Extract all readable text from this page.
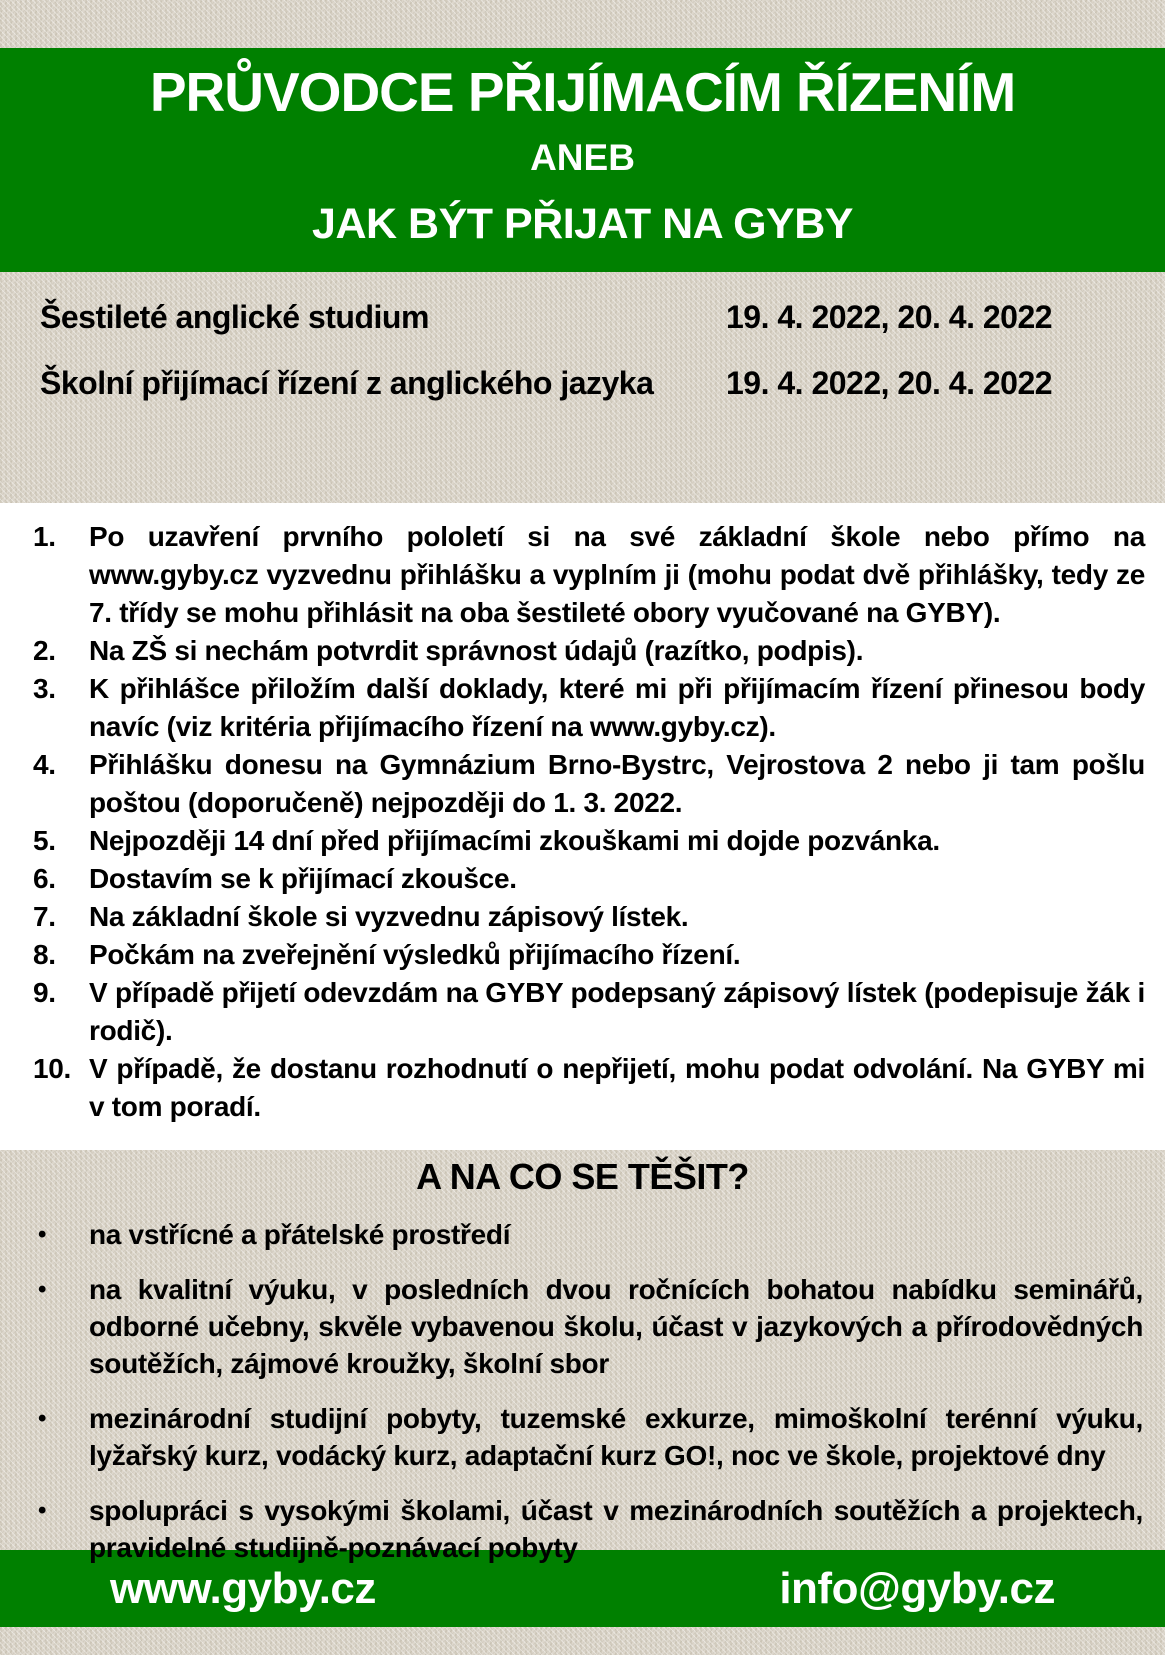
PRŮVODCE PŘIJÍMACÍM ŘÍZENÍM
ANEB
JAK BÝT PŘIJAT NA GYBY
Šestileté anglické studium	19. 4. 2022, 20. 4. 2022
Školní přijímací řízení z anglického jazyka	19. 4. 2022, 20. 4. 2022
1.	Po uzavření prvního pololetí si na své základní škole nebo přímo na www.gyby.cz vyzvednu přihlášku a vyplním ji (mohu podat dvě přihlášky, tedy ze 7. třídy se mohu přihlásit na oba šestileté obory vyučované na GYBY).
2.	Na ZŠ si nechám potvrdit správnost údajů (razítko, podpis).
3.	K přihlášce přiložím další doklady, které mi při přijímacím řízení přinesou body navíc (viz kritéria přijímacího řízení na www.gyby.cz).
4.	Přihlášku donesu na Gymnázium Brno-Bystrc, Vejrostova 2 nebo ji tam pošlu poštou (doporučeně) nejpozději do 1. 3. 2022.
5.	Nejpozději 14 dní před přijímacími zkouškami mi dojde pozvánka.
6.	Dostavím se k přijímací zkoušce.
7.	Na základní škole si vyzvednu zápisový lístek.
8.	Počkám na zveřejnění výsledků přijímacího řízení.
9.	V případě přijetí odevzdám na GYBY podepsaný zápisový lístek (podepisuje žák i rodič).
10. V případě, že dostanu rozhodnutí o nepřijetí, mohu podat odvolání. Na GYBY mi v tom poradí.
A NA CO SE TĚŠIT?
•	na vstřícné a přátelské prostředí
•	na kvalitní výuku, v posledních dvou ročnících bohatou nabídku seminářů, odborné učebny, skvěle vybavenou školu, účast v jazykových a přírodovědných soutěžích, zájmové kroužky, školní sbor
•	mezinárodní studijní pobyty, tuzemské exkurze, mimoškolní terénní výuku, lyžařský kurz, vodácký kurz, adaptační kurz GO!, noc ve škole, projektové dny
•	spolupráci s vysokými školami, účast v mezinárodních soutěžích a projektech, pravidelné studijně-poznávací pobyty
www.gyby.cz	info@gyby.cz
